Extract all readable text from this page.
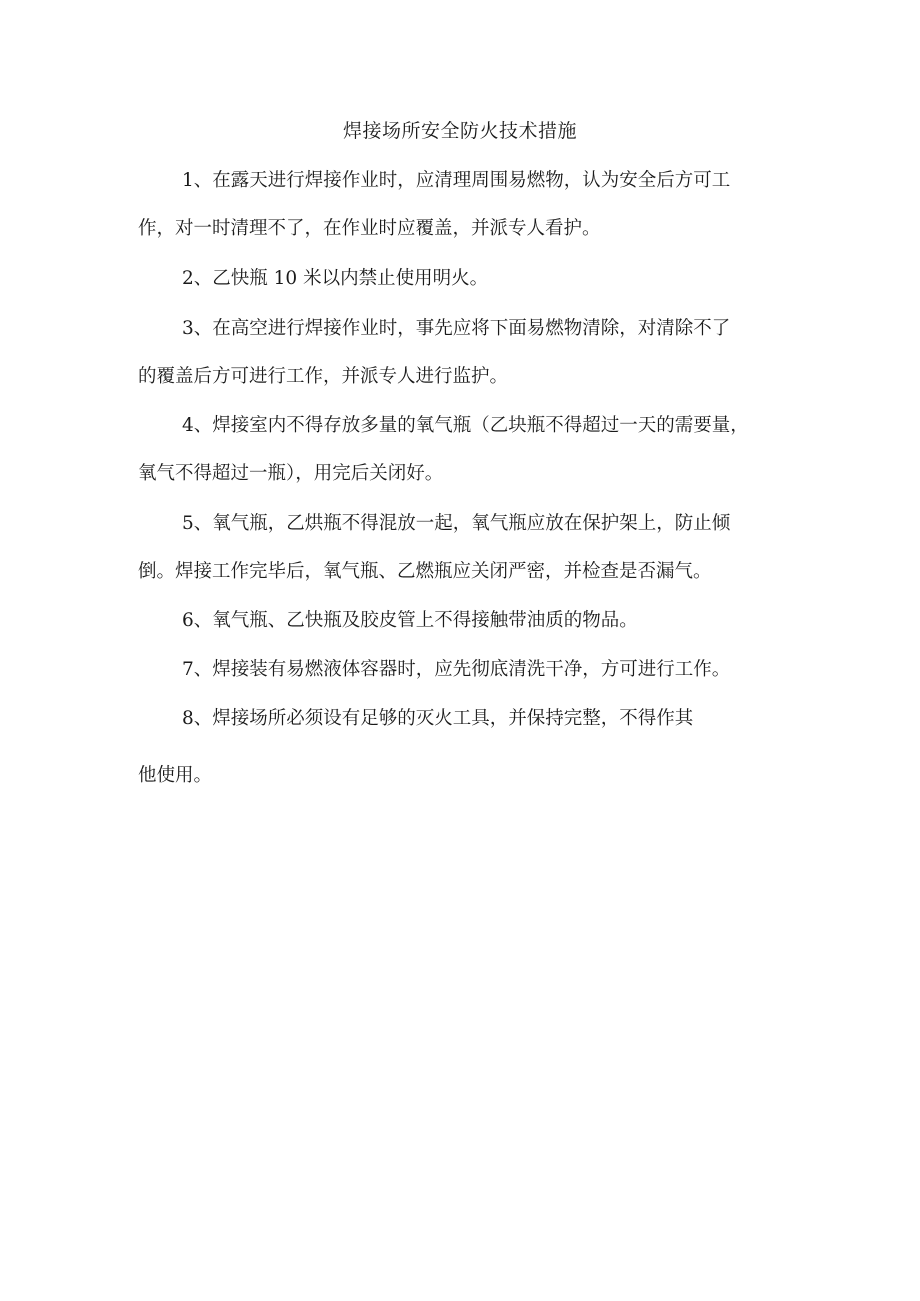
焊接场所安全防火技术措施
1、在露天进行焊接作业时，应清理周围易燃物，认为安全后方可工
作，对一时清理不了，在作业时应覆盖，并派专人看护。
2、乙快瓶 10 米以内禁止使用明火。
3、在高空进行焊接作业时，事先应将下面易燃物清除，对清除不了
的覆盖后方可进行工作，并派专人进行监护。
4、焊接室内不得存放多量的氧气瓶（乙块瓶不得超过一天的需要量，
氧气不得超过一瓶），用完后关闭好。
5、氧气瓶，乙烘瓶不得混放一起，氧气瓶应放在保护架上，防止倾
倒。焊接工作完毕后，氧气瓶、乙燃瓶应关闭严密，并检查是否漏气。
6、氧气瓶、乙快瓶及胶皮管上不得接触带油质的物品。
7、焊接装有易燃液体容器时，应先彻底清洗干净，方可进行工作。
8、焊接场所必须设有足够的灭火工具，并保持完整，不得作其
他使用。
